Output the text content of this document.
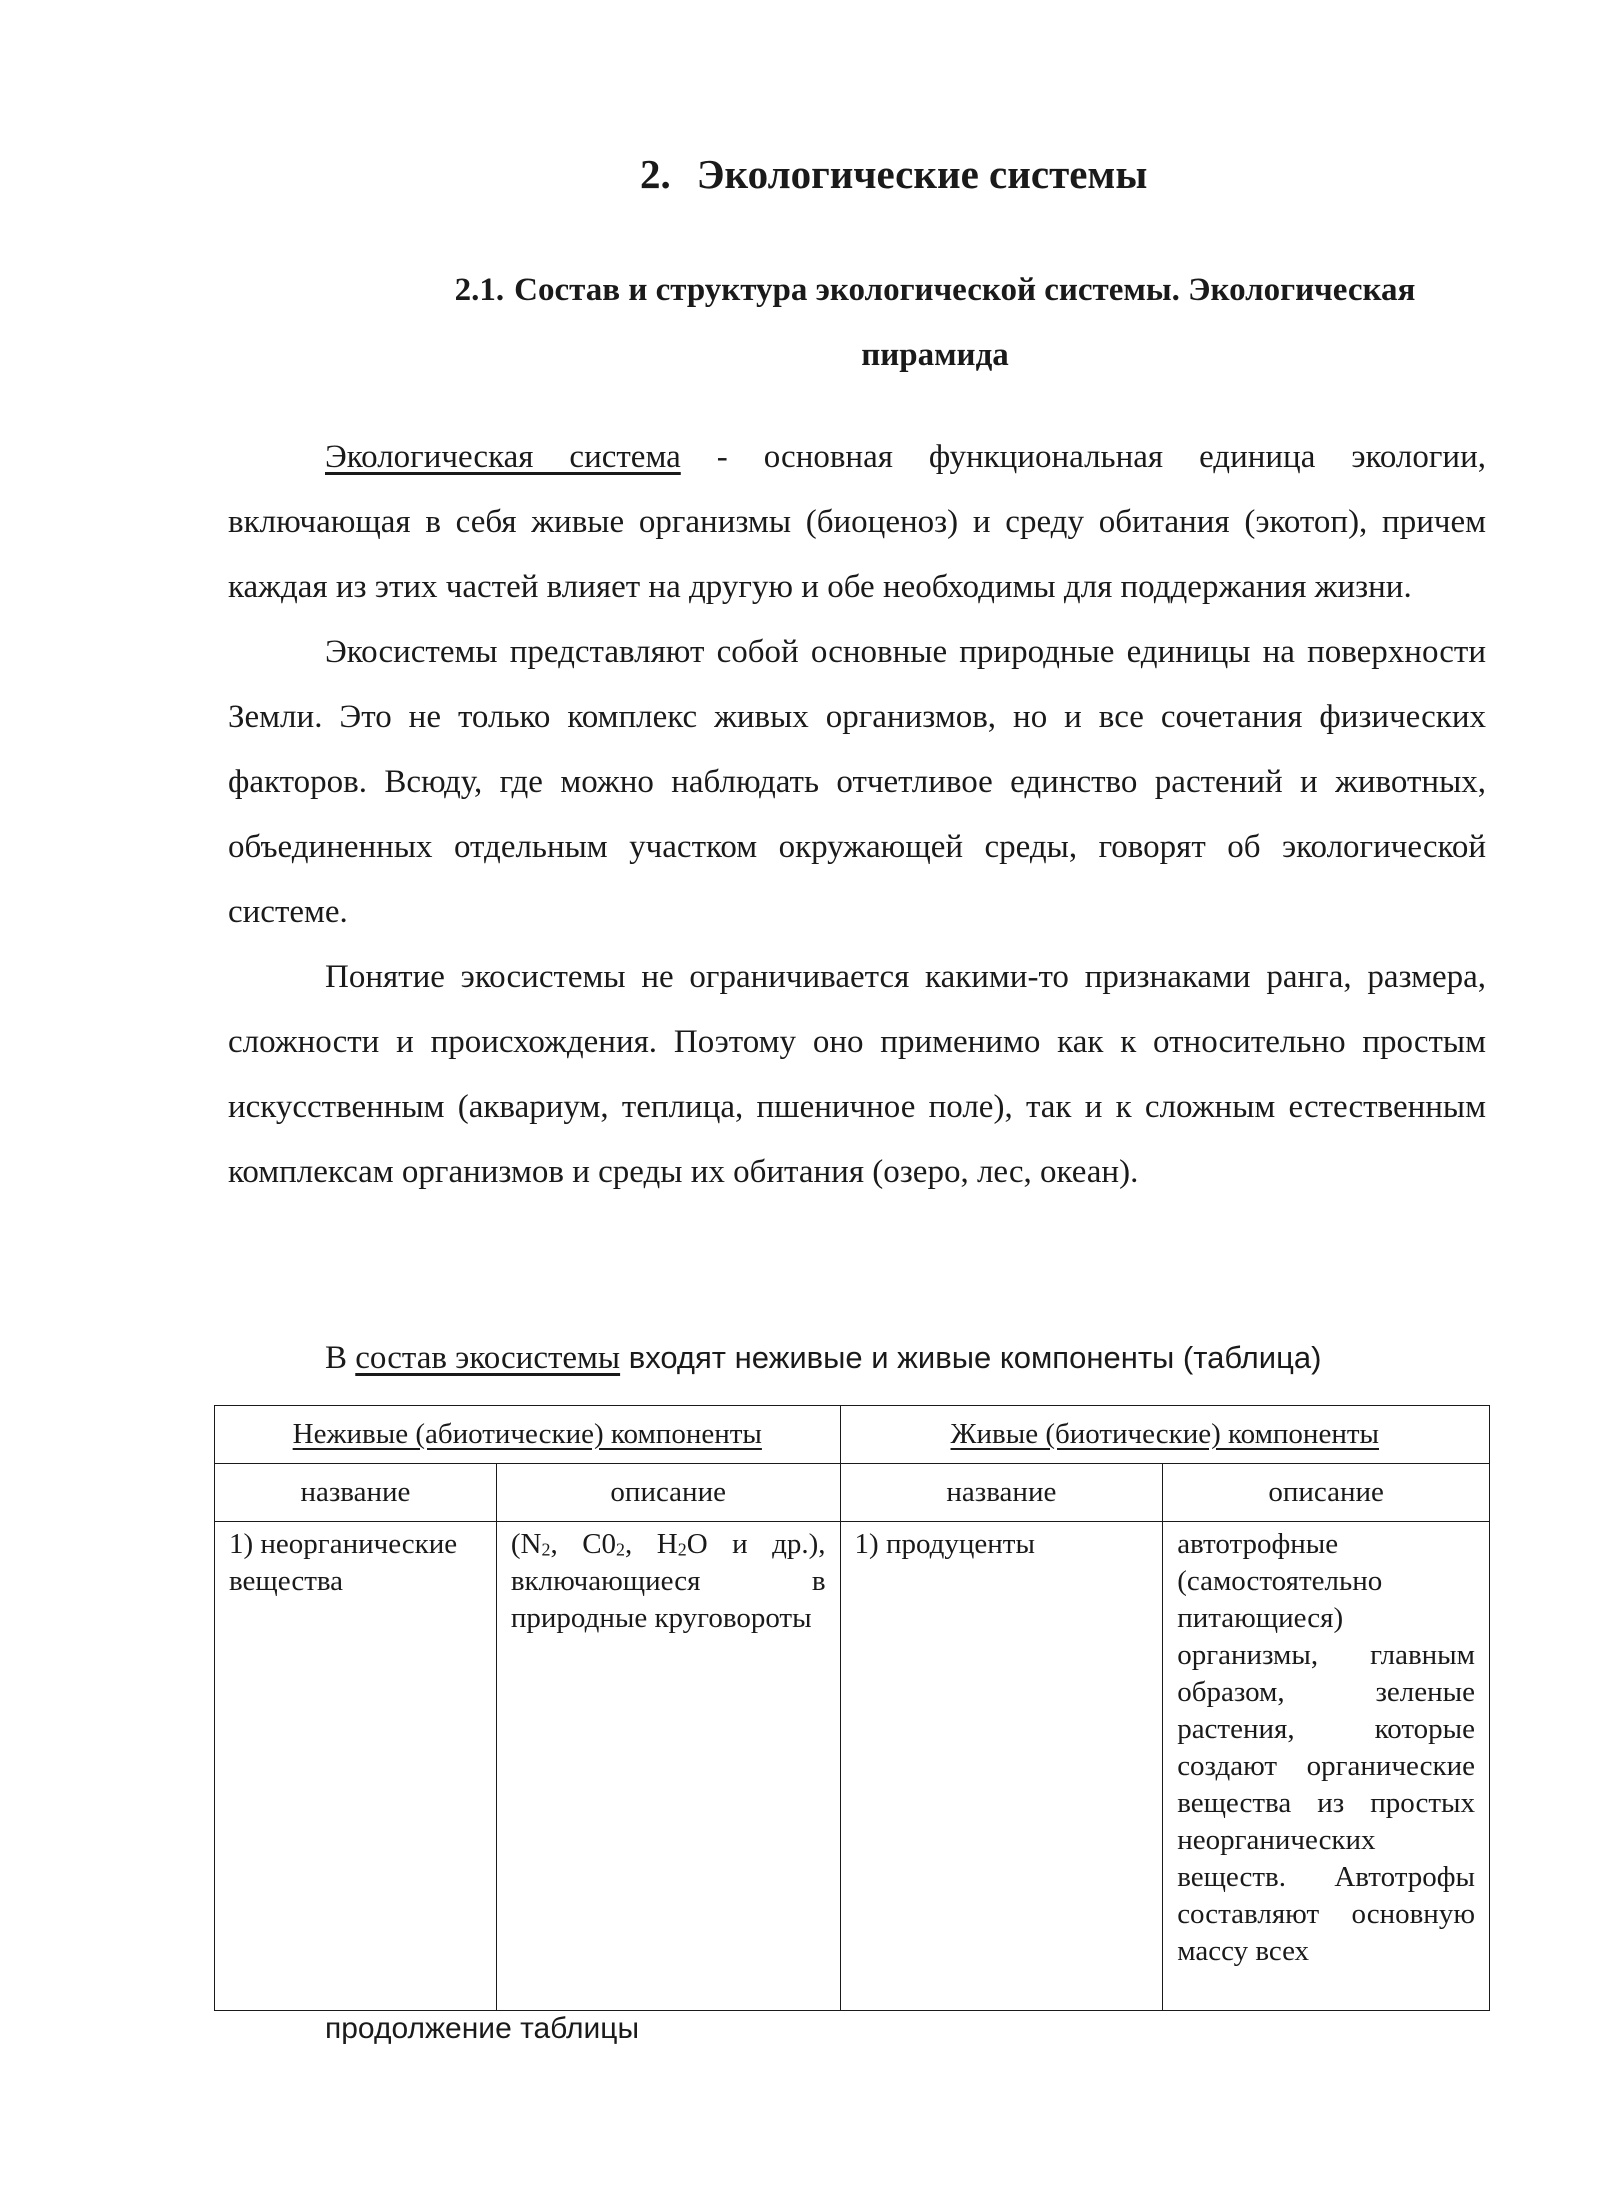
2. Экологические системы
2.1. Состав и структура экологической системы. Экологическая пирамида

Экологическая система - основная функциональная единица экологии, включающая в себя живые организмы (биоценоз) и среду обитания (экотоп), причем каждая из этих частей влияет на другую и обе необходимы для поддержания жизни.

Экосистемы представляют собой основные природные единицы на поверхности Земли. Это не только комплекс живых организмов, но и все сочетания физических факторов. Всюду, где можно наблюдать отчетливое единство растений и животных, объединенных отдельным участком окружающей среды, говорят об экологической системе.

Понятие экосистемы не ограничивается какими-то признаками ранга, размера, сложности и происхождения. Поэтому оно применимо как к относительно простым искусственным (аквариум, теплица, пшеничное поле), так и к сложным естественным комплексам организмов и среды их обитания (озеро, лес, океан).

В состав экосистемы входят неживые и живые компоненты (таблица)
Неживые (абиотические) компоненты		Живые (биотические) компоненты	
название	описание	название	описание
1) неорганические вещества	($N_2$, $C0_2$, $H_2O$ и др.), включающиеся в природные круговороты	1) продуценты	автотрофные (самостоятельно питающиеся) организмы, главным образом, зеленые растения, которые создают органические вещества из простых неорганических веществ. Автотрофы составляют основную массу всех
продолжение таблицы
